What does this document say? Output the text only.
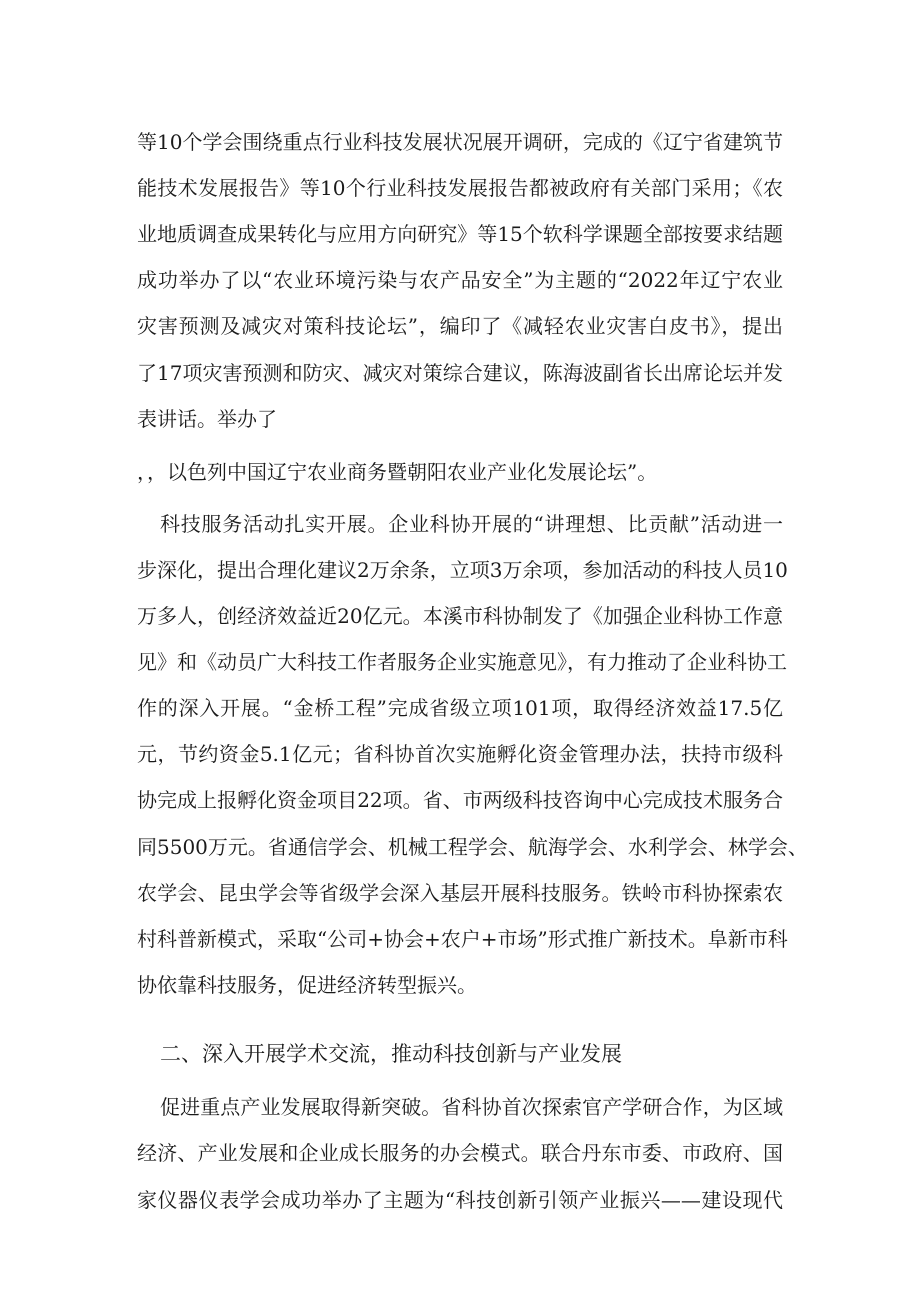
等10个学会围绕重点行业科技发展状况展开调研，完成的《辽宁省建筑节
能技术发展报告》等10个行业科技发展报告都被政府有关部门采用；《农
业地质调查成果转化与应用方向研究》等15个软科学课题全部按要求结题
成功举办了以“农业环境污染与农产品安全”为主题的“2022年辽宁农业
灾害预测及减灾对策科技论坛”，编印了《减轻农业灾害白皮书》，提出
了17项灾害预测和防灾、减灾对策综合建议，陈海波副省长出席论坛并发
表讲话。举办了
，，以色列中国辽宁农业商务暨朝阳农业产业化发展论坛”。
科技服务活动扎实开展。企业科协开展的“讲理想、比贡献”活动进一
步深化，提出合理化建议2万余条，立项3万余项，参加活动的科技人员10
万多人，创经济效益近20亿元。本溪市科协制发了《加强企业科协工作意
见》和《动员广大科技工作者服务企业实施意见》，有力推动了企业科协工
作的深入开展。“金桥工程”完成省级立项101项，取得经济效益17.5亿
元，节约资金5.1亿元；省科协首次实施孵化资金管理办法，扶持市级科
协完成上报孵化资金项目22项。省、市两级科技咨询中心完成技术服务合
同5500万元。省通信学会、机械工程学会、航海学会、水利学会、林学会、
农学会、昆虫学会等省级学会深入基层开展科技服务。铁岭市科协探索农
村科普新模式，采取“公司+协会+农户+市场”形式推广新技术。阜新市科
协依靠科技服务，促进经济转型振兴。
二、深入开展学术交流，推动科技创新与产业发展
促进重点产业发展取得新突破。省科协首次探索官产学研合作，为区域
经济、产业发展和企业成长服务的办会模式。联合丹东市委、市政府、国
家仪器仪表学会成功举办了主题为“科技创新引领产业振兴——建设现代
